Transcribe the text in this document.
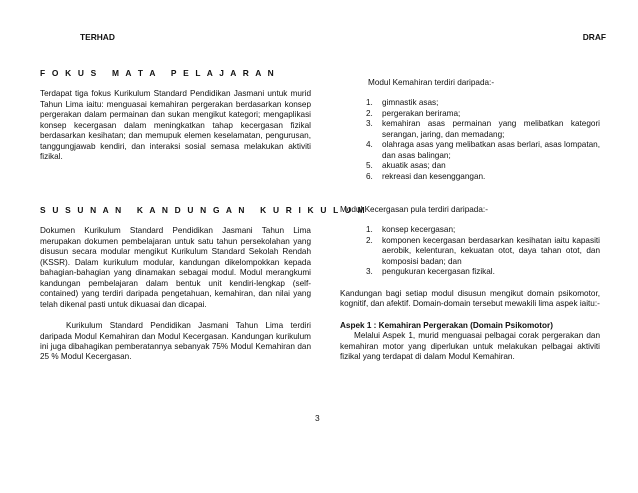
TERHAD	DRAF

F O K U S   M A T A   P E L A J A R A N

Terdapat tiga fokus Kurikulum Standard Pendidikan Jasmani untuk murid Tahun Lima iaitu: menguasai kemahiran pergerakan berdasarkan konsep pergerakan dalam permainan dan sukan mengikut kategori; mengaplikasi konsep kecergasan dalam meningkatkan tahap kecergasan fizikal berdasarkan kesihatan; dan memupuk elemen keselamatan, pengurusan, tanggungjawab kendiri, dan interaksi sosial semasa melakukan aktiviti fizikal.

S U S U N A N   K A N D U N G A N   K U R I K U L U M

Dokumen Kurikulum Standard Pendidikan Jasmani Tahun Lima merupakan dokumen pembelajaran untuk satu tahun persekolahan yang disusun secara modular mengikut Kurikulum Standard Sekolah Rendah (KSSR). Dalam kurikulum modular, kandungan dikelompokkan kepada bahagian-bahagian yang dinamakan sebagai modul. Modul merangkumi kandungan pembelajaran dalam bentuk unit kendiri-lengkap (self-contained) yang terdiri daripada pengetahuan, kemahiran, dan nilai yang telah dikenal pasti untuk dikuasai dan dicapai.

Kurikulum Standard Pendidikan Jasmani Tahun Lima terdiri daripada Modul Kemahiran dan Modul Kecergasan. Kandungan kurikulum ini juga dibahagikan pemberatannya sebanyak 75% Modul Kemahiran dan 25 % Modul Kecergasan.

Modul Kemahiran terdiri daripada:-

1. gimnastik asas;
2. pergerakan berirama;
3. kemahiran asas permainan yang melibatkan kategori serangan, jaring, dan memadang;
4. olahraga asas yang melibatkan asas berlari, asas lompatan, dan asas balingan;
5. akuatik asas; dan
6. rekreasi dan kesenggangan.

Modul Kecergasan pula terdiri daripada:-

1. konsep kecergasan;
2. komponen kecergasan berdasarkan kesihatan iaitu kapasiti aerobik, kelenturan, kekuatan otot, daya tahan otot, dan komposisi badan; dan
3. pengukuran kecergasan fizikal.

Kandungan bagi setiap modul disusun mengikut domain psikomotor, kognitif, dan afektif. Domain-domain tersebut mewakili lima aspek iaitu:-

Aspek 1 : Kemahiran Pergerakan (Domain Psikomotor)

Melalui Aspek 1, murid menguasai pelbagai corak pergerakan dan kemahiran motor yang diperlukan untuk melakukan pelbagai aktiviti fizikal yang terdapat di dalam Modul Kemahiran.

3
